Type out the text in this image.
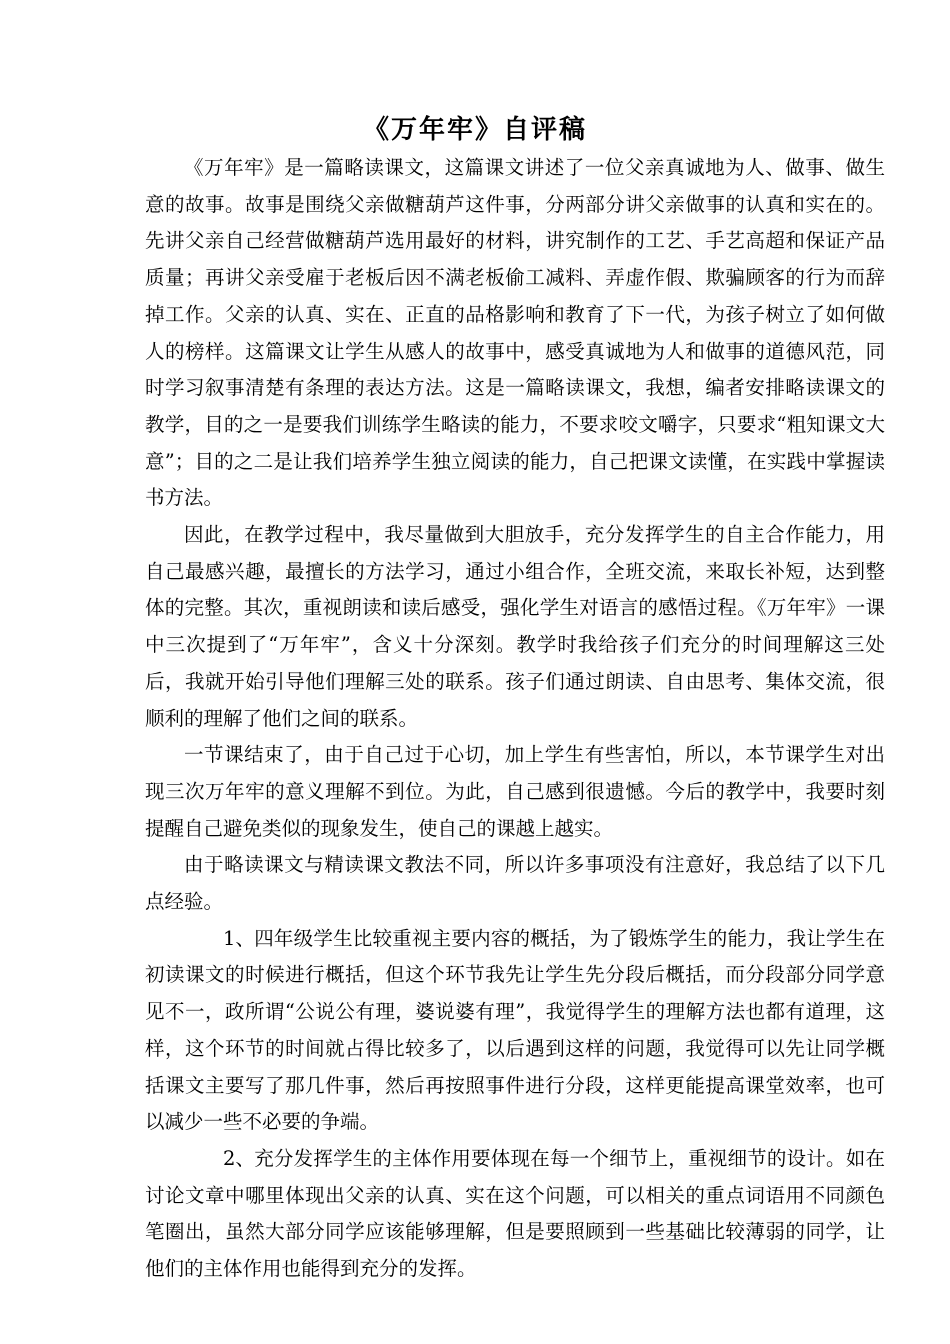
《万年牢》自评稿

《万年牢》是一篇略读课文，这篇课文讲述了一位父亲真诚地为人、做事、做生意的故事。故事是围绕父亲做糖葫芦这件事，分两部分讲父亲做事的认真和实在的。先讲父亲自己经营做糖葫芦选用最好的材料，讲究制作的工艺、手艺高超和保证产品质量；再讲父亲受雇于老板后因不满老板偷工减料、弄虚作假、欺骗顾客的行为而辞掉工作。父亲的认真、实在、正直的品格影响和教育了下一代，为孩子树立了如何做人的榜样。这篇课文让学生从感人的故事中，感受真诚地为人和做事的道德风范，同时学习叙事清楚有条理的表达方法。这是一篇略读课文，我想，编者安排略读课文的教学，目的之一是要我们训练学生略读的能力，不要求咬文嚼字，只要求“粗知课文大意”；目的之二是让我们培养学生独立阅读的能力，自己把课文读懂，在实践中掌握读书方法。

因此，在教学过程中，我尽量做到大胆放手，充分发挥学生的自主合作能力，用自己最感兴趣，最擅长的方法学习，通过小组合作，全班交流，来取长补短，达到整体的完整。其次，重视朗读和读后感受，强化学生对语言的感悟过程。《万年牢》一课中三次提到了“万年牢”，含义十分深刻。教学时我给孩子们充分的时间理解这三处后，我就开始引导他们理解三处的联系。孩子们通过朗读、自由思考、集体交流，很顺利的理解了他们之间的联系。

一节课结束了，由于自己过于心切，加上学生有些害怕，所以，本节课学生对出现三次万年牢的意义理解不到位。为此，自己感到很遗憾。今后的教学中，我要时刻提醒自己避免类似的现象发生，使自己的课越上越实。

由于略读课文与精读课文教法不同，所以许多事项没有注意好，我总结了以下几点经验。

1、四年级学生比较重视主要内容的概括，为了锻炼学生的能力，我让学生在初读课文的时候进行概括，但这个环节我先让学生先分段后概括，而分段部分同学意见不一，政所谓“公说公有理，婆说婆有理”，我觉得学生的理解方法也都有道理，这样，这个环节的时间就占得比较多了，以后遇到这样的问题，我觉得可以先让同学概括课文主要写了那几件事，然后再按照事件进行分段，这样更能提高课堂效率，也可以减少一些不必要的争端。

2、充分发挥学生的主体作用要体现在每一个细节上，重视细节的设计。如在讨论文章中哪里体现出父亲的认真、实在这个问题，可以相关的重点词语用不同颜色笔圈出，虽然大部分同学应该能够理解，但是要照顾到一些基础比较薄弱的同学，让他们的主体作用也能得到充分的发挥。
